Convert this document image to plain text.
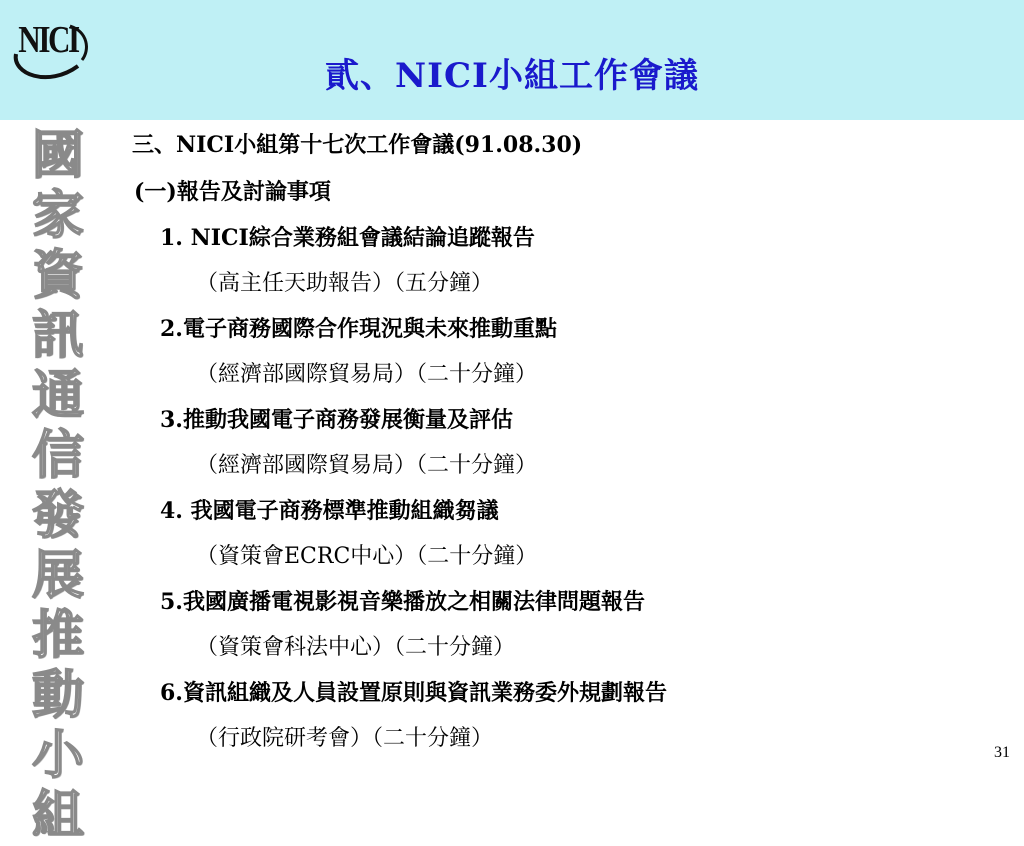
NICI
貳、NICI小組工作會議
國
家
資
訊
通
信
發
展
推
動
小
組
三、NICI小組第十七次工作會議(91.08.30)
(一)報告及討論事項
1. NICI綜合業務組會議結論追蹤報告
（高主任天助報告）（五分鐘）
2.電子商務國際合作現況與未來推動重點
（經濟部國際貿易局）（二十分鐘）
3.推動我國電子商務發展衡量及評估
（經濟部國際貿易局）（二十分鐘）
4. 我國電子商務標準推動組織芻議
（資策會ECRC中心）（二十分鐘）
5.我國廣播電視影視音樂播放之相關法律問題報告
（資策會科法中心）（二十分鐘）
6.資訊組織及人員設置原則與資訊業務委外規劃報告
（行政院研考會）（二十分鐘）
31
